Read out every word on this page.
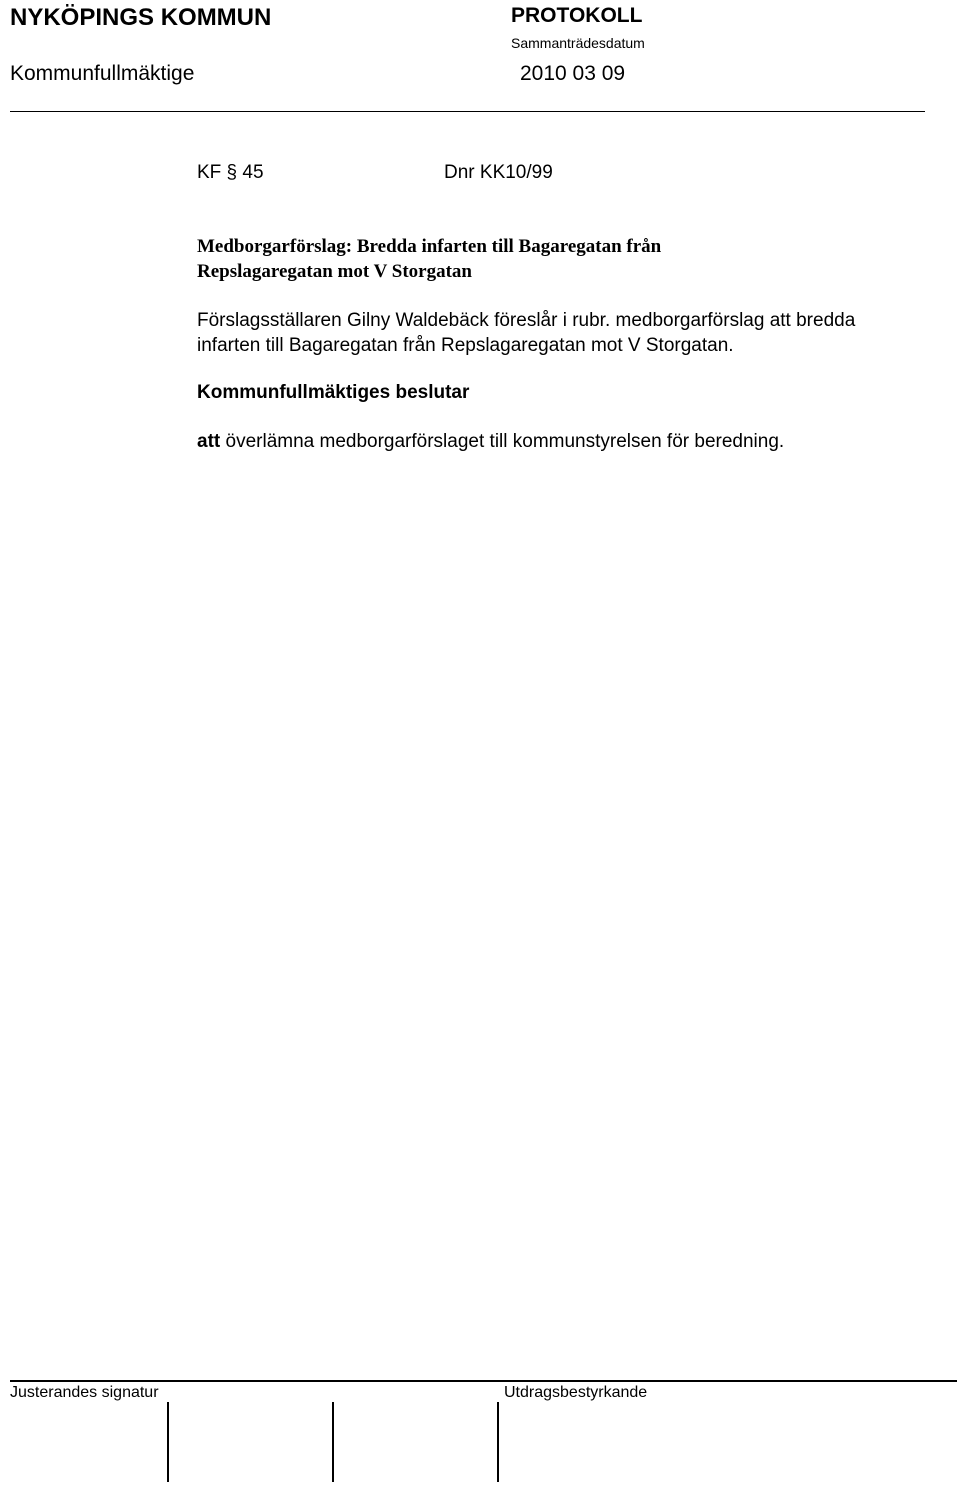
NYKÖPINGS KOMMUN	PROTOKOLL
Sammanträdesdatum
Kommunfullmäktige	2010 03 09
KF § 45	Dnr KK10/99
Medborgarförslag: Bredda infarten till Bagaregatan från Repslagaregatan mot V Storgatan
Förslagsställaren Gilny Waldebäck föreslår i rubr. medborgarförslag att bredda infarten till Bagaregatan från Repslagaregatan mot V Storgatan.
Kommunfullmäktiges beslutar
att överlämna medborgarförslaget till kommunstyrelsen för beredning.
Justerandes signatur	Utdragsbestyrkande
